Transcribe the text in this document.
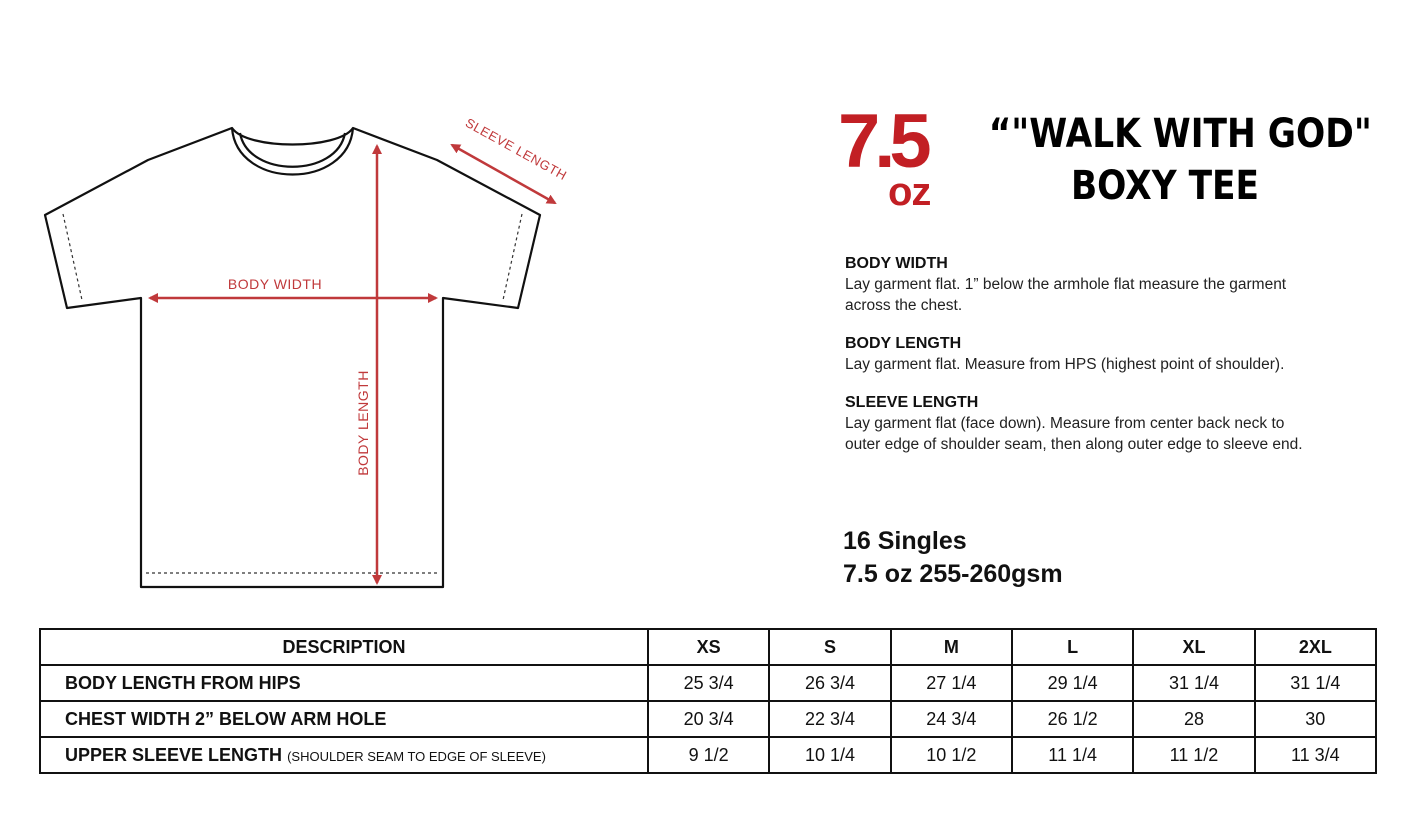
BODY WIDTH
BODY LENGTH
SLEEVE LENGTH	7.5
oz
“"WALK WITH GOD"
BOXY TEE
BODY WIDTH
Lay garment flat. 1” below the armhole flat measure the garment across the chest.
BODY LENGTH
Lay garment flat. Measure from HPS (highest point of shoulder).
SLEEVE LENGTH
Lay garment flat (face down). Measure from center back neck to outer edge of shoulder seam, then along outer edge to sleeve end.
16 Singles
7.5 oz 255-260gsm
DESCRIPTION	XS	S	M	L	XL	2XL
BODY LENGTH FROM HIPS	25 3/4	26 3/4	27 1/4	29 1/4	31 1/4	31 1/4
CHEST WIDTH 2” BELOW ARM HOLE	20 3/4	22 3/4	24 3/4	26 1/2	28	30
UPPER SLEEVE LENGTH (SHOULDER SEAM TO EDGE OF SLEEVE)	9 1/2	10 1/4	10 1/2	11 1/4	11 1/2	11 3/4
